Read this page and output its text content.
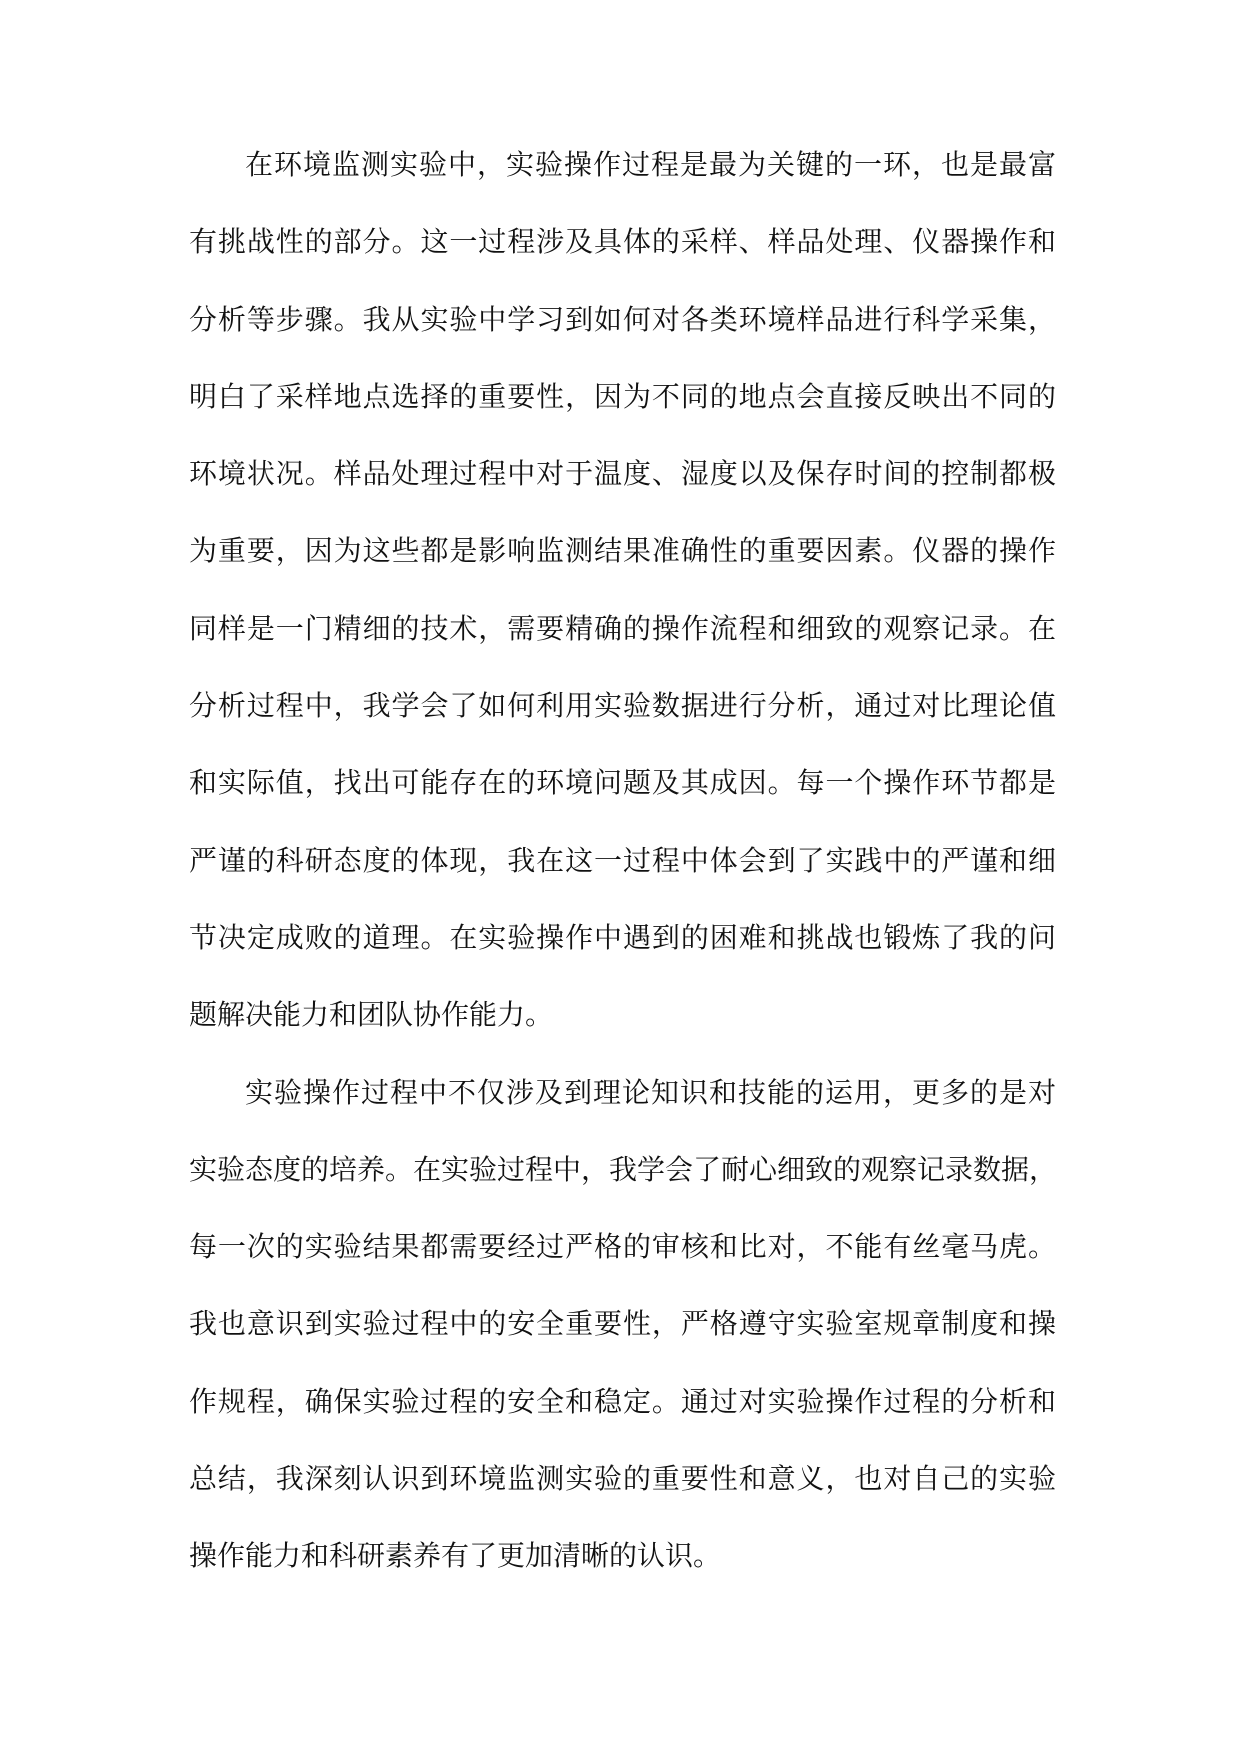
在环境监测实验中，实验操作过程是最为关键的一环，也是最富
有挑战性的部分。这一过程涉及具体的采样、样品处理、仪器操作和
分析等步骤。我从实验中学习到如何对各类环境样品进行科学采集，
明白了采样地点选择的重要性，因为不同的地点会直接反映出不同的
环境状况。样品处理过程中对于温度、湿度以及保存时间的控制都极
为重要，因为这些都是影响监测结果准确性的重要因素。仪器的操作
同样是一门精细的技术，需要精确的操作流程和细致的观察记录。在
分析过程中，我学会了如何利用实验数据进行分析，通过对比理论值
和实际值，找出可能存在的环境问题及其成因。每一个操作环节都是
严谨的科研态度的体现，我在这一过程中体会到了实践中的严谨和细
节决定成败的道理。在实验操作中遇到的困难和挑战也锻炼了我的问
题解决能力和团队协作能力。
实验操作过程中不仅涉及到理论知识和技能的运用，更多的是对
实验态度的培养。在实验过程中，我学会了耐心细致的观察记录数据，
每一次的实验结果都需要经过严格的审核和比对，不能有丝毫马虎。
我也意识到实验过程中的安全重要性，严格遵守实验室规章制度和操
作规程，确保实验过程的安全和稳定。通过对实验操作过程的分析和
总结，我深刻认识到环境监测实验的重要性和意义，也对自己的实验
操作能力和科研素养有了更加清晰的认识。
